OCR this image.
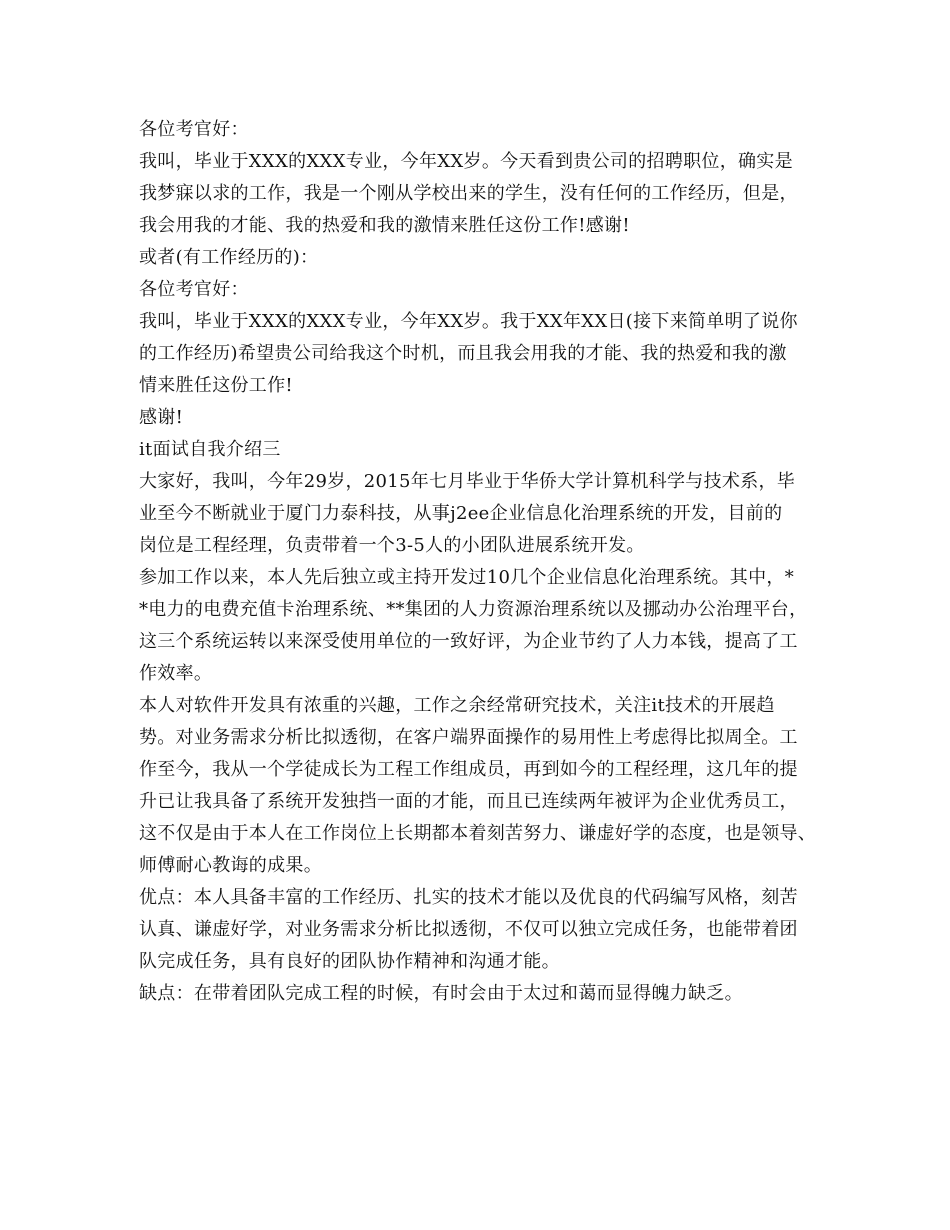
各位考官好：
我叫，毕业于XXX的XXX专业，今年XX岁。今天看到贵公司的招聘职位，确实是
我梦寐以求的工作，我是一个刚从学校出来的学生，没有任何的工作经历，但是，
我会用我的才能、我的热爱和我的激情来胜任这份工作!感谢!
或者(有工作经历的)：
各位考官好：
我叫，毕业于XXX的XXX专业，今年XX岁。我于XX年XX日(接下来简单明了说你
的工作经历)希望贵公司给我这个时机，而且我会用我的才能、我的热爱和我的激
情来胜任这份工作!
感谢!
it面试自我介绍三
大家好，我叫，今年29岁，2015年七月毕业于华侨大学计算机科学与技术系，毕
业至今不断就业于厦门力泰科技，从事j2ee企业信息化治理系统的开发，目前的
岗位是工程经理，负责带着一个3-5人的小团队进展系统开发。
参加工作以来，本人先后独立或主持开发过10几个企业信息化治理系统。其中，*
*电力的电费充值卡治理系统、**集团的人力资源治理系统以及挪动办公治理平台，
这三个系统运转以来深受使用单位的一致好评，为企业节约了人力本钱，提高了工
作效率。
本人对软件开发具有浓重的兴趣，工作之余经常研究技术，关注it技术的开展趋
势。对业务需求分析比拟透彻，在客户端界面操作的易用性上考虑得比拟周全。工
作至今，我从一个学徒成长为工程工作组成员，再到如今的工程经理，这几年的提
升已让我具备了系统开发独挡一面的才能，而且已连续两年被评为企业优秀员工，
这不仅是由于本人在工作岗位上长期都本着刻苦努力、谦虚好学的态度，也是领导、
师傅耐心教诲的成果。
优点：本人具备丰富的工作经历、扎实的技术才能以及优良的代码编写风格，刻苦
认真、谦虚好学，对业务需求分析比拟透彻，不仅可以独立完成任务，也能带着团
队完成任务，具有良好的团队协作精神和沟通才能。
缺点：在带着团队完成工程的时候，有时会由于太过和蔼而显得魄力缺乏。
